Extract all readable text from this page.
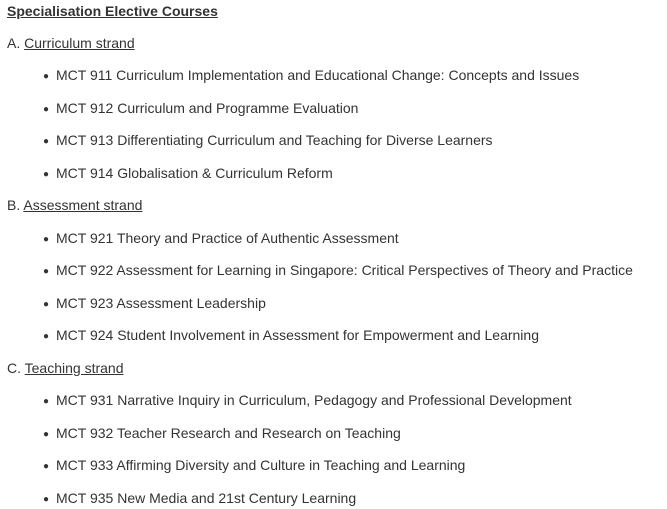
Specialisation Elective Courses
A. Curriculum strand
● MCT 911 Curriculum Implementation and Educational Change: Concepts and Issues
● MCT 912 Curriculum and Programme Evaluation
● MCT 913 Differentiating Curriculum and Teaching for Diverse Learners
● MCT 914 Globalisation & Curriculum Reform
B. Assessment strand
● MCT 921 Theory and Practice of Authentic Assessment
● MCT 922 Assessment for Learning in Singapore: Critical Perspectives of Theory and Practice
● MCT 923 Assessment Leadership
● MCT 924 Student Involvement in Assessment for Empowerment and Learning
C. Teaching strand
● MCT 931 Narrative Inquiry in Curriculum, Pedagogy and Professional Development
● MCT 932 Teacher Research and Research on Teaching
● MCT 933 Affirming Diversity and Culture in Teaching and Learning
● MCT 935 New Media and 21st Century Learning
